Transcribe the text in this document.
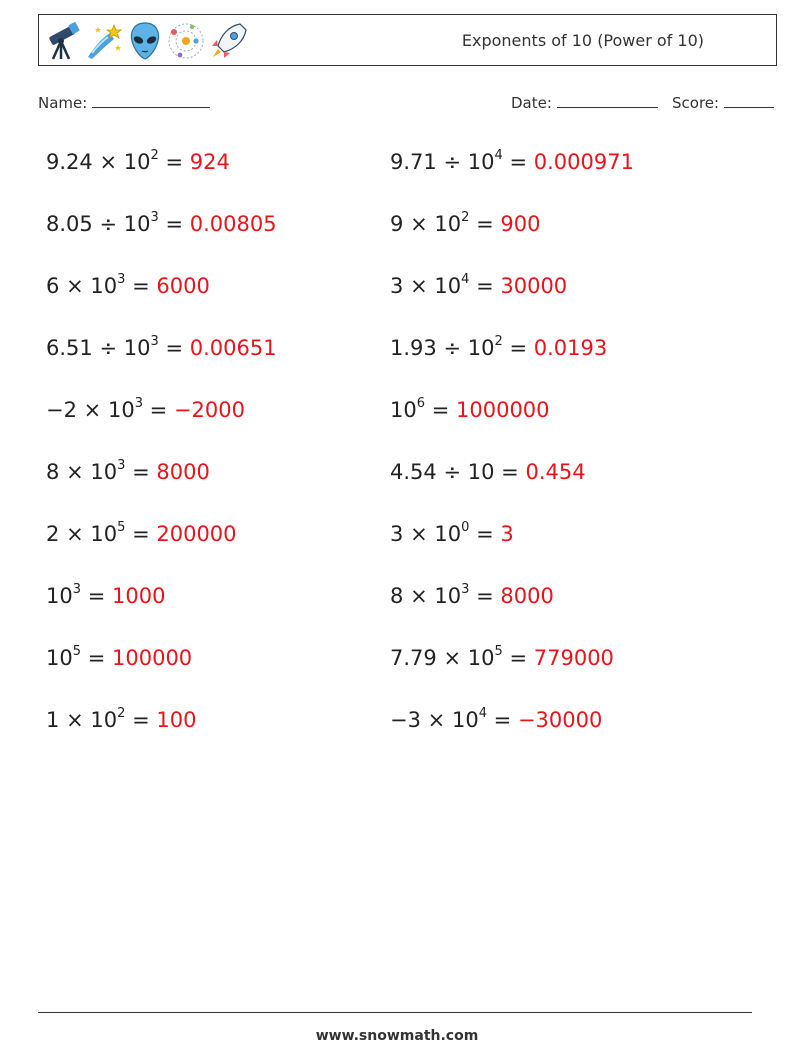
Exponents of 10 (Power of 10)
Name:	Date:	Score:
$9.24 \times 10^2 = 924$	$9.71 \div 10^4 = 0.000971$
$8.05 \div 10^3 = 0.00805$	$9 \times 10^2 = 900$
$6 \times 10^3 = 6000$	$3 \times 10^4 = 30000$
$6.51 \div 10^3 = 0.00651$	$1.93 \div 10^2 = 0.0193$
$-2 \times 10^3 = -2000$	$10^6 = 1000000$
$8 \times 10^3 = 8000$	4.54 ÷ 10 = 0.454
$2 \times 10^5 = 200000$	$3 \times 10^0 = 3$
$10^3 = 1000$	$8 \times 10^3 = 8000$
$10^5 = 100000$	$7.79 \times 10^5 = 779000$
$1 \times 10^2 = 100$	$-3 \times 10^4 = -30000$
www.snowmath.com
